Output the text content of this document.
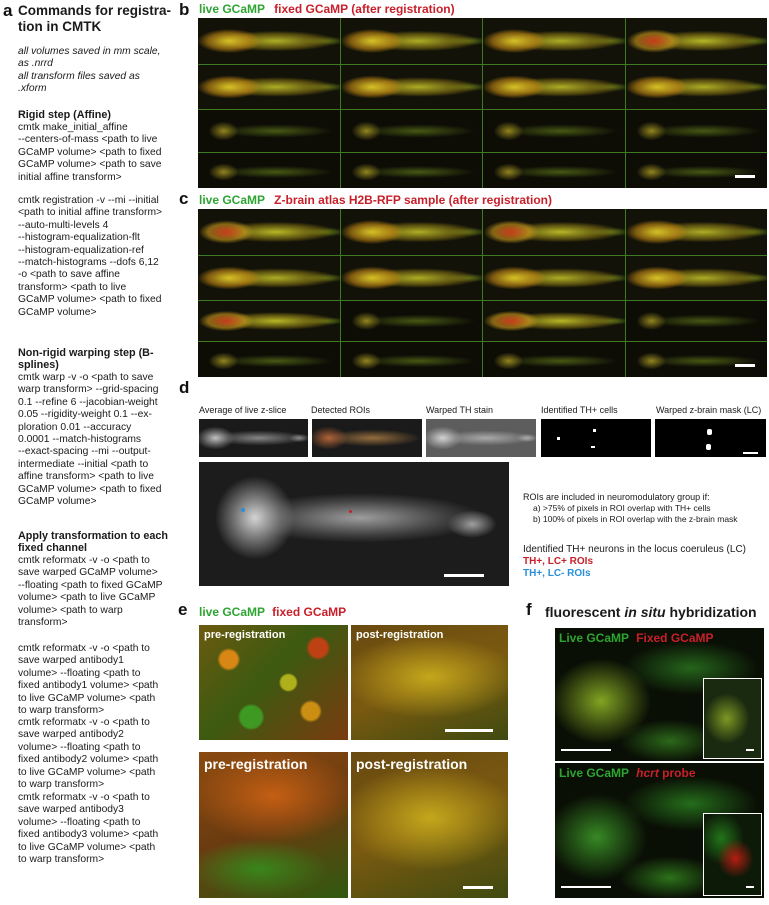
a Commands for registra-
tion in CMTK
all volumes saved in mm scale,
as .nrrd
all transform files saved as
.xform
Rigid step (Affine)
cmtk make_initial_affine
--centers-of-mass <path to live
GCaMP volume> <path to fixed
GCaMP volume> <path to save
initial affine transform>
cmtk registration -v --mi --initial
<path to initial affine transform>
--auto-multi-levels 4
--histogram-equalization-flt
--histogram-equalization-ref
--match-histograms --dofs 6,12
-o <path to save affine
transform> <path to live
GCaMP volume> <path to fixed
GCaMP volume>
Non-rigid warping step (B-
splines)
cmtk warp -v -o <path to save
warp transform> --grid-spacing
0.1 --refine 6 --jacobian-weight
0.05 --rigidity-weight 0.1 --ex-
ploration 0.01 --accuracy
0.0001 --match-histograms
--exact-spacing --mi --output-
intermediate --initial <path to
affine transform> <path to live
GCaMP volume> <path to fixed
GCaMP volume>
Apply transformation to each
fixed channel
cmtk reformatx -v -o <path to
save warped GCaMP volume>
--floating <path to fixed GCaMP
volume> <path to live GCaMP
volume> <path to warp
transform>
cmtk reformatx -v -o <path to
save warped antibody1
volume> --floating <path to
fixed antibody1 volume> <path
to live GCaMP volume> <path
to warp transform>
cmtk reformatx -v -o <path to
save warped antibody2
volume> --floating <path to
fixed antibody2 volume> <path
to live GCaMP volume> <path
to warp transform>
cmtk reformatx -v -o <path to
save warped antibody3
volume> --floating <path to
fixed antibody3 volume> <path
to live GCaMP volume> <path
to warp transform>
b live GCaMP fixed GCaMP (after registration)
c live GCaMP Z-brain atlas H2B-RFP sample (after registration)
d
Average of live z-slice	Detected ROIs	Warped TH stain	Identified TH+ cells	Warped z-brain mask (LC)
ROIs are included in neuromodulatory group if:
a) >75% of pixels in ROI overlap with TH+ cells
b) 100% of pixels in ROI overlap with the z-brain mask
Identified TH+ neurons in the locus coeruleus (LC)
TH+, LC+ ROIs
TH+, LC- ROIs
e live GCaMP fixed GCaMP
pre-registration	post-registration
pre-registration	post-registration
f fluorescent in situ hybridization
Live GCaMP Fixed GCaMP
Live GCaMP hcrt probe
